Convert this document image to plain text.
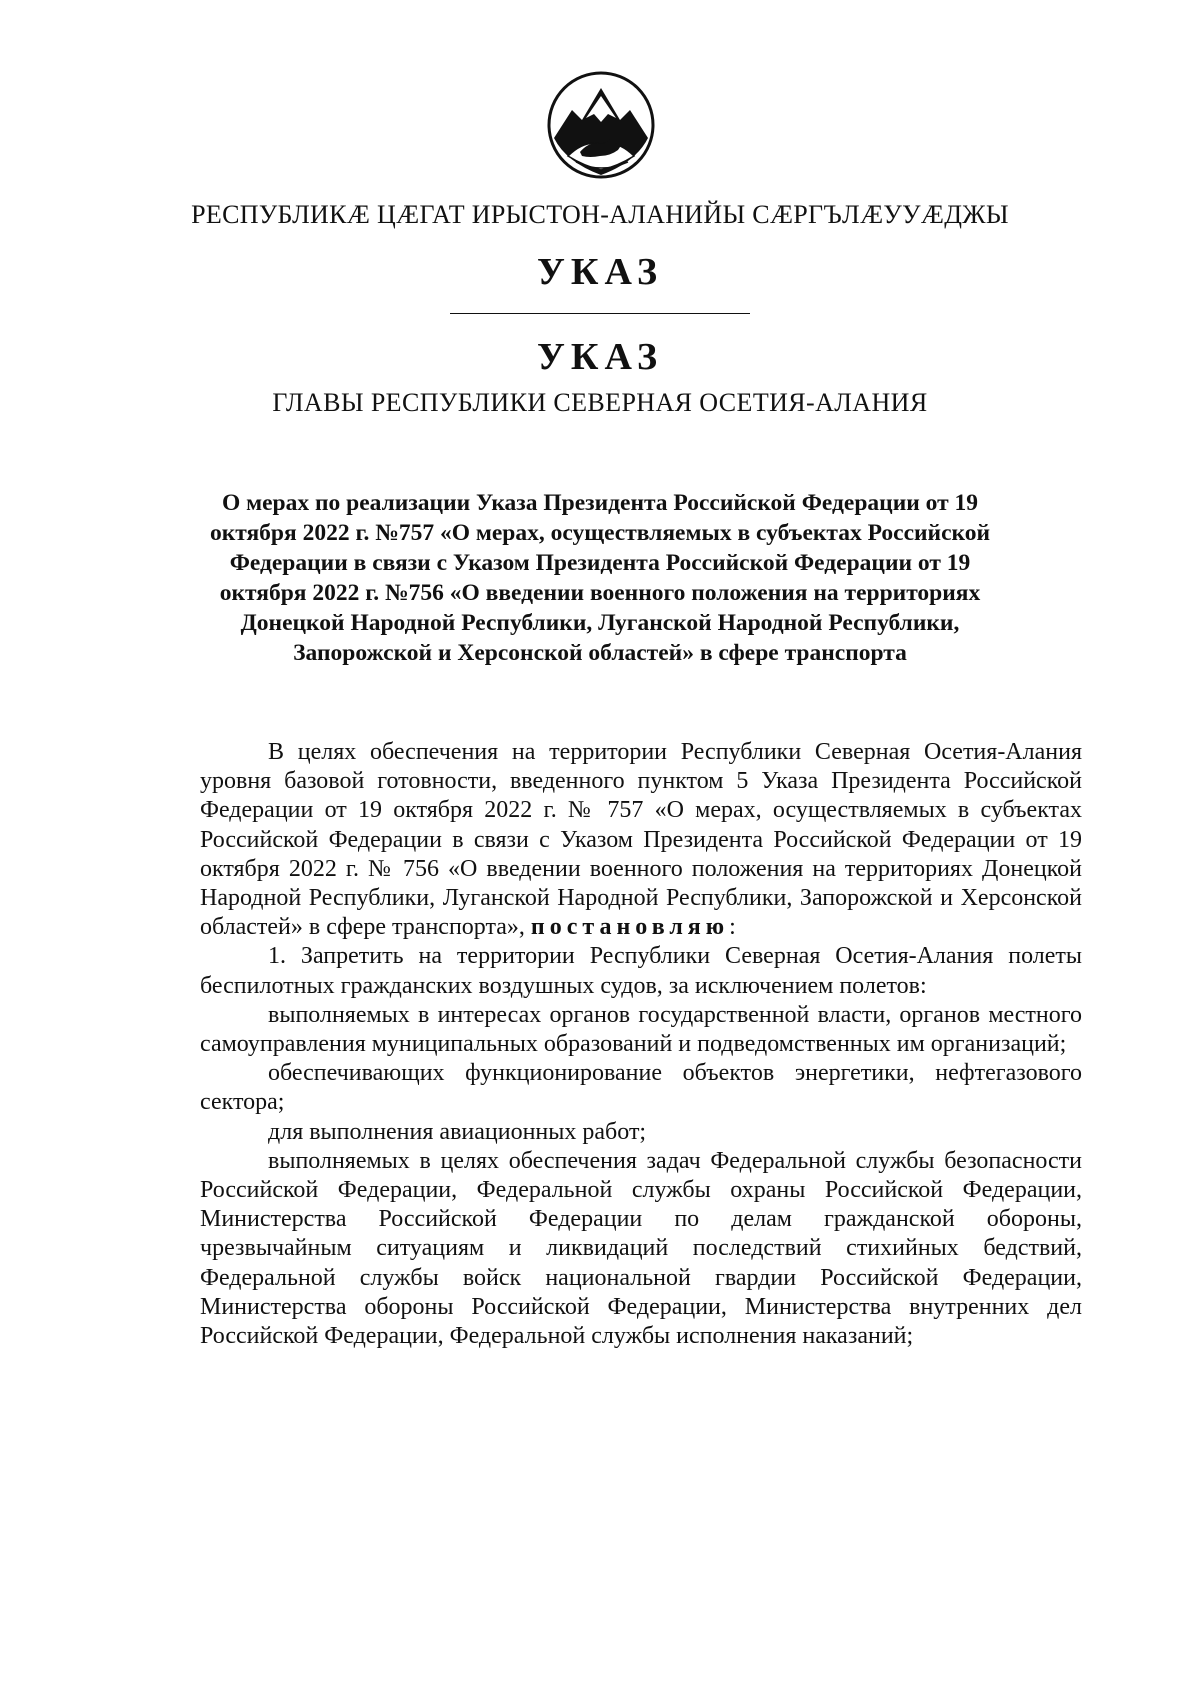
РЕСПУБЛИКÆ ЦÆГАТ ИРЫСТОН-АЛАНИЙЫ СÆРГЪЛÆУУÆДЖЫ
УКАЗ
УКАЗ
ГЛАВЫ РЕСПУБЛИКИ СЕВЕРНАЯ ОСЕТИЯ-АЛАНИЯ
О мерах по реализации Указа Президента Российской Федерации от 19 октября 2022 г. №757 «О мерах, осуществляемых в субъектах Российской Федерации в связи с Указом Президента Российской Федерации от 19 октября 2022 г. №756 «О введении военного положения на территориях Донецкой Народной Республики, Луганской Народной Республики, Запорожской и Херсонской областей» в сфере транспорта

В целях обеспечения на территории Республики Северная Осетия-Алания уровня базовой готовности, введенного пунктом 5 Указа Президента Российской Федерации от 19 октября 2022 г. № 757 «О мерах, осуществляемых в субъектах Российской Федерации в связи с Указом Президента Российской Федерации от 19 октября 2022 г. № 756 «О введении военного положения на территориях Донецкой Народной Республики, Луганской Народной Республики, Запорожской и Херсонской областей» в сфере транспорта», постановляю:

1. Запретить на территории Республики Северная Осетия-Алания полеты беспилотных гражданских воздушных судов, за исключением полетов:

выполняемых в интересах органов государственной власти, органов местного самоуправления муниципальных образований и подведомственных им организаций;

обеспечивающих функционирование объектов энергетики, нефтегазового сектора;

для выполнения авиационных работ;

выполняемых в целях обеспечения задач Федеральной службы безопасности Российской Федерации, Федеральной службы охраны Российской Федерации, Министерства Российской Федерации по делам гражданской обороны, чрезвычайным ситуациям и ликвидаций последствий стихийных бедствий, Федеральной службы войск национальной гвардии Российской Федерации, Министерства обороны Российской Федерации, Министерства внутренних дел Российской Федерации, Федеральной службы исполнения наказаний;
